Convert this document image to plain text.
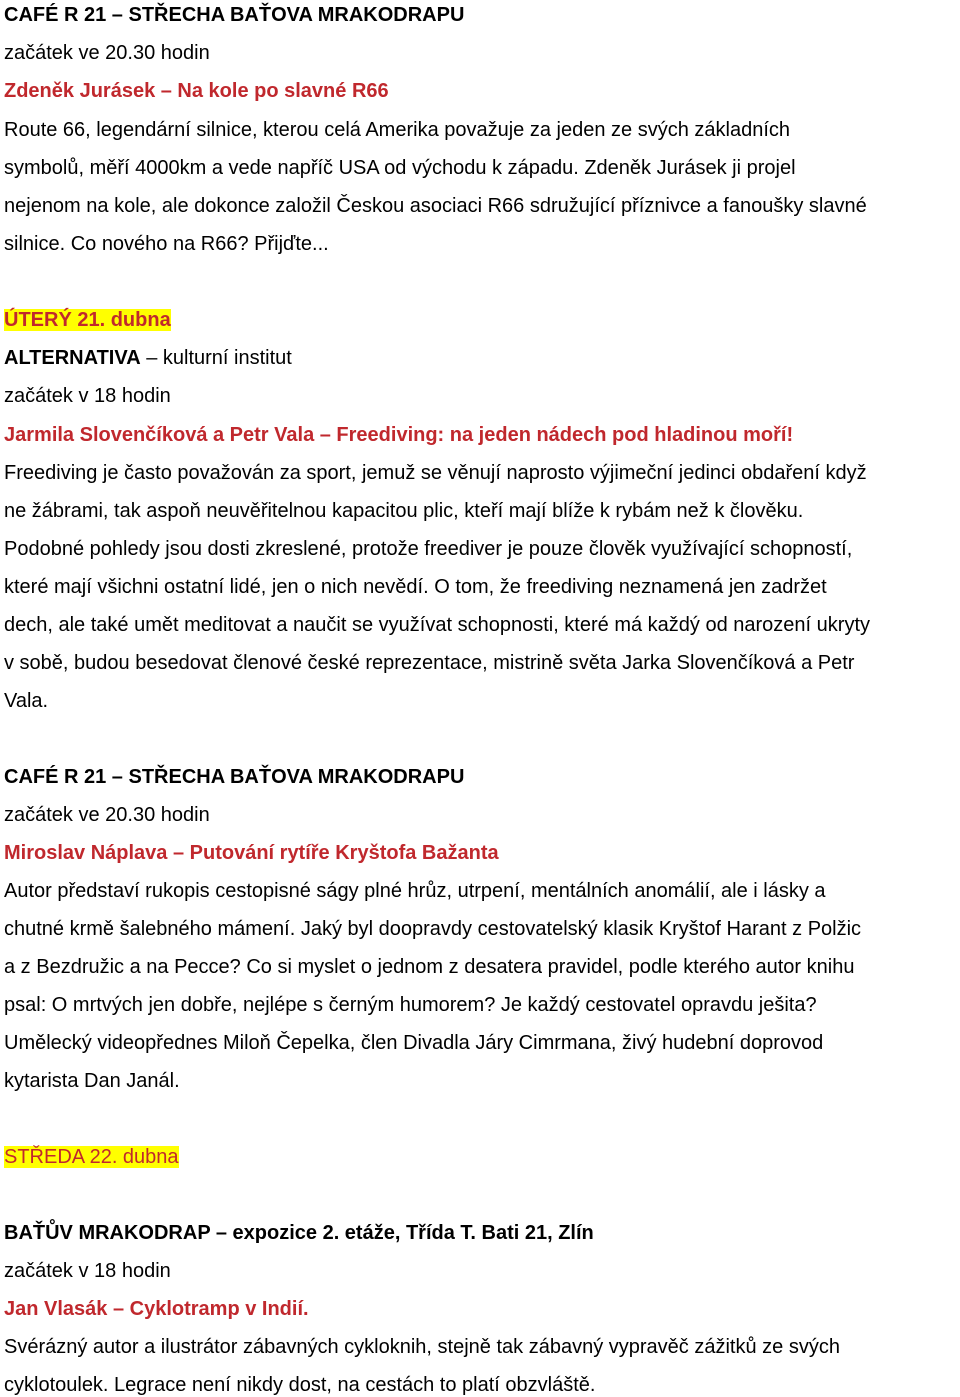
CAFÉ R 21 – STŘECHA BAŤOVA MRAKODRAPU
začátek ve 20.30 hodin
Zdeněk Jurásek – Na kole po slavné R66
Route 66, legendární silnice, kterou celá Amerika považuje za jeden ze svých základních
symbolů, měří 4000km a vede napříč USA od východu k západu. Zdeněk Jurásek ji projel
nejenom na kole, ale dokonce založil Českou asociaci R66 sdružující příznivce a fanoušky slavné
silnice. Co nového na R66? Přijďte...
ÚTERÝ 21. dubna
ALTERNATIVA – kulturní institut
začátek v 18 hodin
Jarmila Slovenčíková a Petr Vala – Freediving: na jeden nádech pod hladinou moří!
Freediving je často považován za sport, jemuž se věnují naprosto výjimeční jedinci obdaření když
ne žábrami, tak aspoň neuvěřitelnou kapacitou plic, kteří mají blíže k rybám než k člověku.
Podobné pohledy jsou dosti zkreslené, protože freediver je pouze člověk využívající schopností,
které mají všichni ostatní lidé, jen o nich nevědí. O tom, že freediving neznamená jen zadržet
dech, ale také umět meditovat a naučit se využívat schopnosti, které má každý od narození ukryty
v sobě, budou besedovat členové české reprezentace, mistrině světa Jarka Slovenčíková a Petr
Vala.
CAFÉ R 21 – STŘECHA BAŤOVA MRAKODRAPU
začátek ve 20.30 hodin
Miroslav Náplava – Putování rytíře Kryštofa Bažanta
Autor představí rukopis cestopisné ságy plné hrůz, utrpení, mentálních anomálií, ale i lásky a
chutné krmě šalebného mámení. Jaký byl doopravdy cestovatelský klasik Kryštof Harant z Polžic
a z Bezdružic a na Pecce? Co si myslet o jednom z desatera pravidel, podle kterého autor knihu
psal: O mrtvých jen dobře, nejlépe s černým humorem? Je každý cestovatel opravdu ješita?
Umělecký videopřednes Miloň Čepelka, člen Divadla Járy Cimrmana, živý hudební doprovod
kytarista Dan Janál.
STŘEDA 22. dubna
BAŤŮV MRAKODRAP – expozice 2. etáže, Třída T. Bati 21, Zlín
začátek v 18 hodin
Jan Vlasák – Cyklotramp v Indií.
Svérázný autor a ilustrátor zábavných cykloknih, stejně tak zábavný vypravěč zážitků ze svých
cyklotoulek. Legrace není nikdy dost, na cestách to platí obzvláště.
